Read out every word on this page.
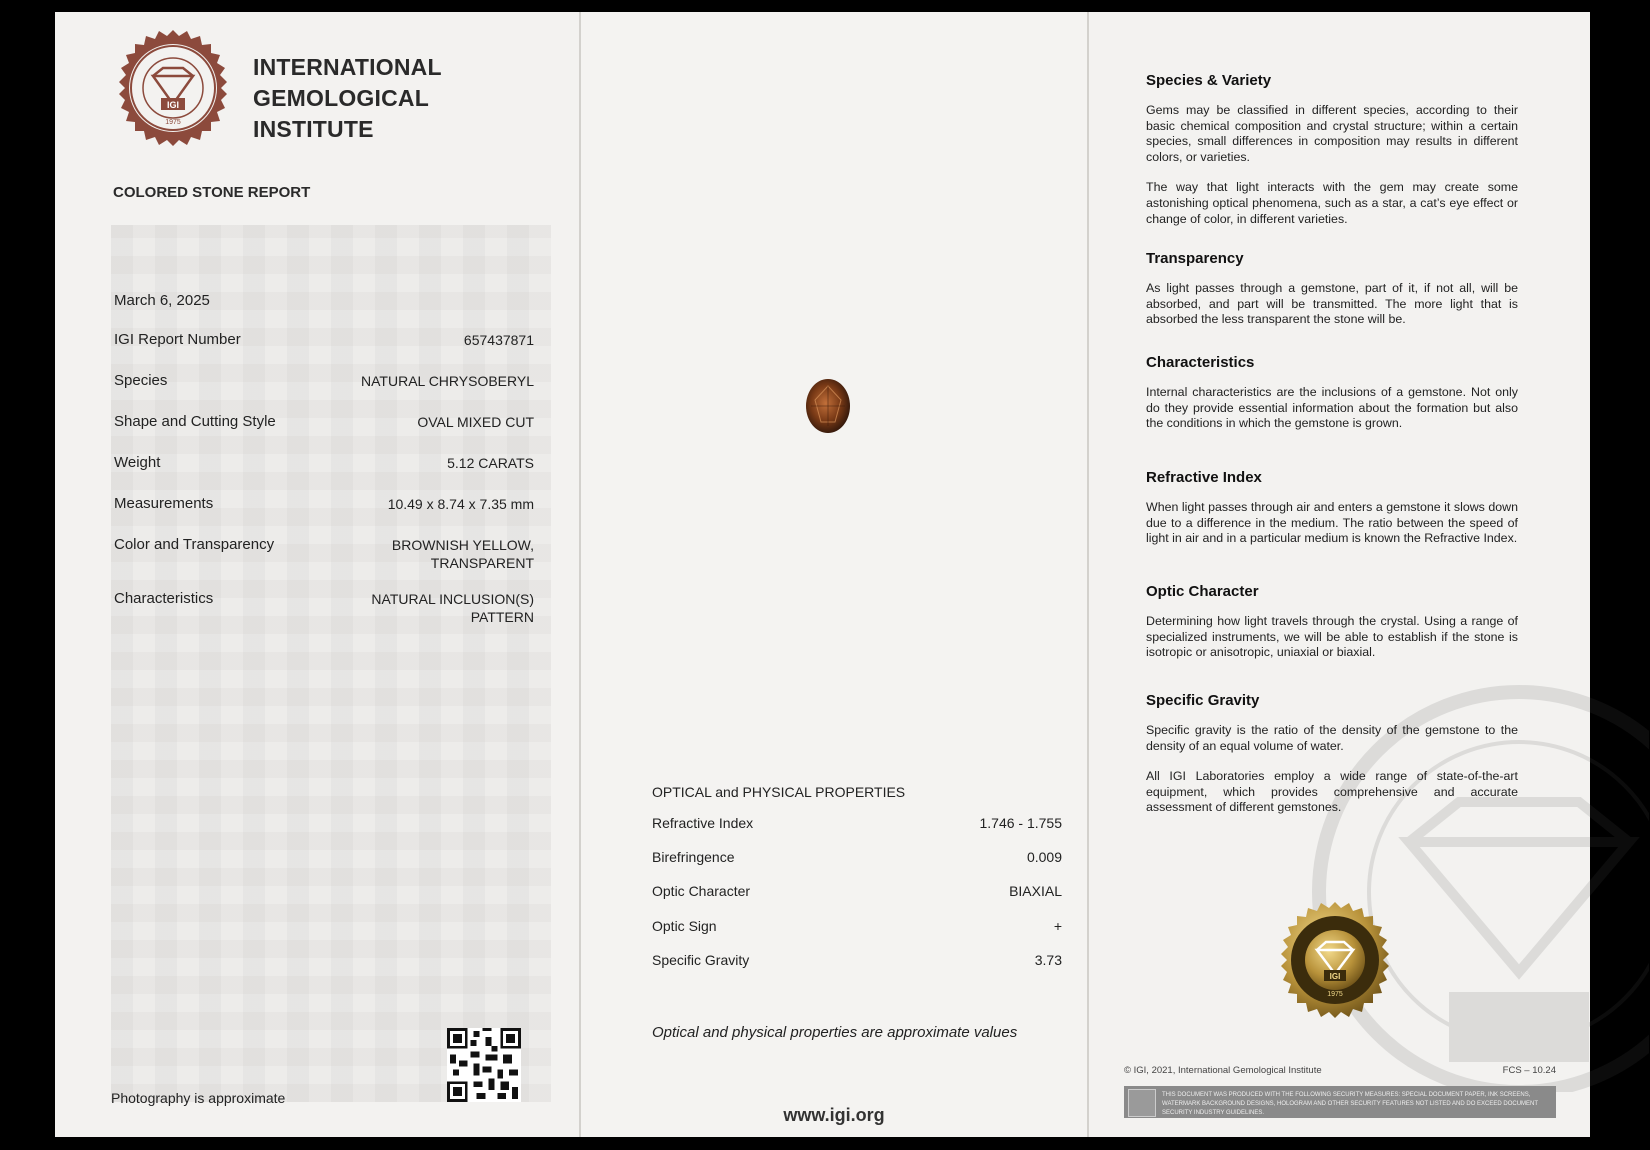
IGI
1975
INTERNATIONAL
GEMOLOGICAL
INSTITUTE
COLORED STONE REPORT
March 6, 2025
IGI Report Number	657437871
Species	NATURAL CHRYSOBERYL
Shape and Cutting Style	OVAL MIXED CUT
Weight	5.12 CARATS
Measurements	10.49 x 8.74 x 7.35 mm
Color and Transparency	BROWNISH YELLOW,
TRANSPARENT
Characteristics	NATURAL INCLUSION(S)
PATTERN
Photography is approximate
OPTICAL and PHYSICAL PROPERTIES
Refractive Index	1.746 - 1.755
Birefringence	0.009
Optic Character	BIAXIAL
Optic Sign	+
Specific Gravity	3.73
Optical and physical properties are approximate values
www.igi.org
Species & Variety

Gems may be classified in different species, according to their basic chemical composition and crystal structure; within a certain species, small differences in composition may results in different colors, or varieties.

The way that light interacts with the gem may create some astonishing optical phenomena, such as a star, a cat’s eye effect or change of color, in different varieties.

Transparency

As light passes through a gemstone, part of it, if not all, will be absorbed, and part will be transmitted. The more light that is absorbed the less transparent the stone will be.

Characteristics

Internal characteristics are the inclusions of a gemstone. Not only do they provide essential information about the formation but also the conditions in which the gemstone is grown.

Refractive Index

When light passes through air and enters a gemstone it slows down due to a difference in the medium. The ratio between the speed of light in air and in a particular medium is known the Refractive Index.

Optic Character

Determining how light travels through the crystal. Using a range of specialized instruments, we will be able to establish if the stone is isotropic or anisotropic, uniaxial or biaxial.

Specific Gravity

Specific gravity is the ratio of the density of the gemstone to the density of an equal volume of water.

All IGI Laboratories employ a wide range of state-of-the-art equipment, which provides comprehensive and accurate assessment of different gemstones.

IGI
1975
© IGI, 2021, International Gemological Institute	FCS – 10.24
THIS DOCUMENT WAS PRODUCED WITH THE FOLLOWING SECURITY MEASURES: SPECIAL DOCUMENT PAPER, INK SCREENS, WATERMARK BACKGROUND DESIGNS, HOLOGRAM AND OTHER SECURITY FEATURES NOT LISTED AND DO EXCEED DOCUMENT SECURITY INDUSTRY GUIDELINES.
